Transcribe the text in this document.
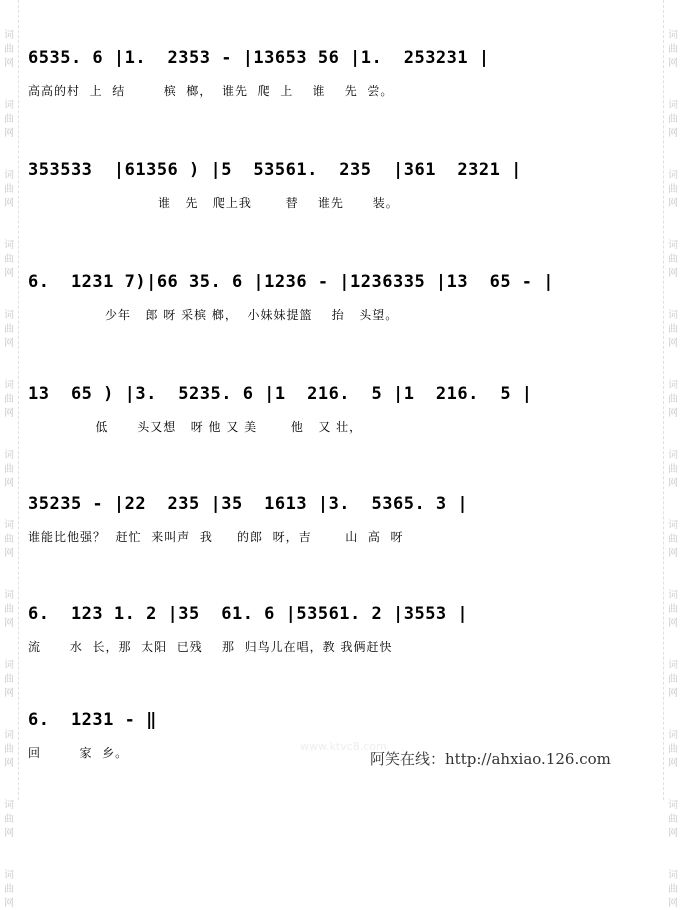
词
曲
网
词
曲
网
词
曲
网
词
曲
网
词
曲
网
词
曲
网
词
曲
网
词
曲
网
词
曲
网
词
曲
网
词
曲
网
词
曲
网
词
曲
网
词
曲
网
词
曲
网
词
曲
网
词
曲
网
词
曲
网
词
曲
网
词
曲
网
词
曲
网
词
曲
网
词
曲
网
词
曲
网
词
曲
网
词
曲
网
6535. 6 |1.  2353 - |13653 56 |1.  253231 |
高高的村  上  结        槟  榔，  谁先  爬  上    谁    先  尝。
353533  |61356 ) |5  53561.  235  |361  2321 |
谁   先   爬上我       替    谁先      装。
6.  1231 7)|66 35. 6 |1236 - |1236335 |13  65 - |
少年   郎 呀 采槟 榔，  小妹妹提篮    抬   头望。
13  65 ) |3.  5235. 6 |1  216.  5 |1  216.  5 |
低      头又想   呀 他 又 美       他   又 壮，
35235 - |22  235 |35  1613 |3.  5365. 3 |
谁能比他强？  赶忙  来叫声  我     的郎  呀，吉       山  高  呀
6.  123 1. 2 |35  61. 6 |53561. 2 |3553 |
流      水  长，那  太阳  已残    那  归鸟儿在唱，教 我俩赶快
6.  1231 - ‖
回        家  乡。	www.ktvc8.com
阿笑在线：http://ahxiao.126.com
